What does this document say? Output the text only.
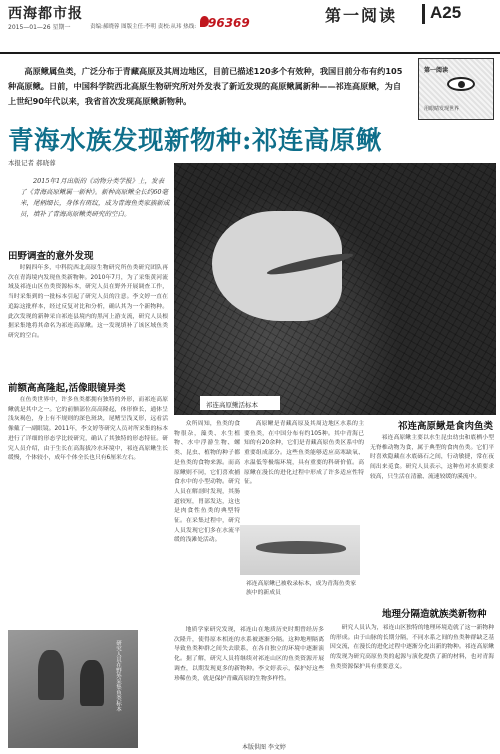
西海都市报
2015—01—26 星期一	责编:郝晓蓉 图版主任:李明 责校:从玮 热线: 96369	第一阅读 A25

高原鳅属鱼类，广泛分布于青藏高原及其周边地区，目前已描述120多个有效种，我国目前分布有约105种高原鳅。日前，中国科学院西北高原生物研究所对外发表了新近发现的高原鳅属新种——祁连高原鳅，为自上世纪90年代以来，我省首次发现高原鳅新物种。

第一阅读
用眼睛发现世界
青海水族发现新物种:祁连高原鳅
本报记者 郝晓蓉

2015年1月出版的《动物分类学报》上，发表了《青海高原鳅属一新种》。新种高原鳅全长约60毫米，尾柄细长，身体有斑纹，成为青海鱼类家族新成员，填补了青海高原鳅类研究的空白。

祁连高原鳅活标本
田野调查的意外发现

时隔四年多，中科院西北高原生物研究所鱼类研究团队再次在青海境内发现鱼类新物种。2010年7月，为了采集黄河流域及祁连山区鱼类资源标本，研究人员在野外开展调查工作，当时采集到的一批标本引起了研究人员的注意。李文婷一直在追踪这批样本，经过反复对比和分析，确认其为一个新物种。此次发现的新种采自祁连县境内的黑河上游支流，研究人员根据采集地将其命名为祁连高原鳅。这一发现填补了该区域鱼类研究的空白。

前额高高隆起,活像眼镜异类

在鱼类世界中，许多鱼类都拥有独特的外形，而祁连高原鳅就是其中之一。它的前额部位高高隆起，体形修长，通体呈浅灰褐色，身上有不规则的深色斑块，尾鳍呈浅叉形，远看活像戴了一副眼镜。2011年，李文婷等研究人员对所采集的标本进行了详细的形态学比较研究，确认了其独特的形态特征。研究人员介绍，由于生长在高海拔冷水环境中，祁连高原鳅生长缓慢，个体较小，成年个体全长也只有6厘米左右。

众所周知，鱼类的食物很杂，藻类、水生植物、水中浮游生物、螺类、昆虫、植物的种子都是鱼类的食物来源。而高原鳅则不同，它们喜欢捕食水中的小型动物。研究人员在解剖时发现，其肠道较短，胃部发达，这也是肉食性鱼类的典型特征。在采集过程中，研究人员发现它们多在水流平缓的浅滩处活动。

高原鳅是青藏高原及其周边地区水系的主要鱼类，在中国分布有约105种。其中青海已知的有20余种，它们是青藏高原鱼类区系中的重要组成部分。这些鱼类能够适应高寒缺氧、水温低等极端环境，具有重要的科研价值。高原鳅在漫长的进化过程中形成了许多适应性特征。

祁连高原鳅已被收录标本，成为青海鱼类家族中的新成员

地质学家研究发现，祁连山在地质历史时期曾经历多次隆升，使得原本相连的水系被逐渐分隔。这种地理隔离导致鱼类种群之间失去联系，在各自独立的环境中逐渐演化。据了解，研究人员将继续对祁连山区的鱼类资源开展调查，以期发现更多的新物种。李文婷表示，保护好这些珍稀鱼类，就是保护青藏高原的生物多样性。

祁连高原鳅是食肉鱼类

祁连高原鳅主要以水生昆虫幼虫和底栖小型无脊椎动物为食，属于典型的食肉鱼类。它们平时喜欢隐藏在水底砾石之间，行动敏捷，常在夜间出来觅食。研究人员表示，这种鱼对水质要求较高，只生活在清澈、流速较缓的溪流中。

地理分隔造就族类新物种

研究人员认为，祁连山区独特的地理环境造就了这一新物种的形成。由于山脉的长期分隔，不同水系之间的鱼类种群缺乏基因交流，在漫长的进化过程中逐渐分化出新的物种。祁连高原鳅的发现为研究高原鱼类的起源与演化提供了新的材料，也对青海鱼类资源保护具有重要意义。

研究人员在野外采集鱼类标本
本版供图 李文婷
